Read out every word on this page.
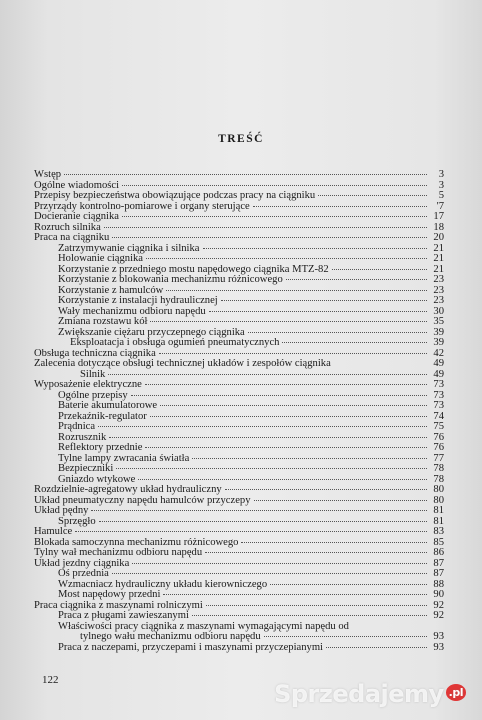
TREŚĆ
Wstęp	3
Ogólne wiadomości	3
Przepisy bezpieczeństwa obowiązujące podczas pracy na ciągniku	5
Przyrządy kontrolno-pomiarowe i organy sterujące	'7
Docieranie ciągnika	17
Rozruch silnika	18
Praca na ciągniku	20
Zatrzymywanie ciągnika i silnika	21
Holowanie ciągnika	21
Korzystanie z przedniego mostu napędowego ciągnika MTZ-82	21
Korzystanie z blokowania mechanizmu różnicowego	23
Korzystanie z hamulców	23
Korzystanie z instalacji hydraulicznej	23
Wały mechanizmu odbioru napędu	30
Zmiana rozstawu kół	35
Zwiększanie ciężaru przyczepnego ciągnika	39
Eksploatacja i obsługa ogumień pneumatycznych	39
Obsługa techniczna ciągnika	42
Zalecenia dotyczące obsługi technicznej układów i zespołów ciągnika	49
Silnik	49
Wyposażenie elektryczne	73
Ogólne przepisy	73
Baterie akumulatorowe	73
Przekaźnik-regulator	74
Prądnica	75
Rozrusznik	76
Reflektory przednie	76
Tylne lampy zwracania światła	77
Bezpieczniki	78
Gniazdo wtykowe	78
Rozdzielnie-agregatowy układ hydrauliczny	80
Układ pneumatyczny napędu hamulców przyczepy	80
Układ pędny	81
Sprzęgło	81
Hamulce	83
Blokada samoczynna mechanizmu różnicowego	85
Tylny wał mechanizmu odbioru napędu	86
Układ jezdny ciągnika	87
Oś przednia	87
Wzmacniacz hydrauliczny układu kierowniczego	88
Most napędowy przedni	90
Praca ciągnika z maszynami rolniczymi	92
Praca z pługami zawieszanymi	92
Właściwości pracy ciągnika z maszynami wymagającymi napędu od
tylnego wału mechanizmu odbioru napędu	93
Praca z naczepami, przyczepami i maszynami przyczepianymi	93
122	Sprzedajemy $^{.pl}$
